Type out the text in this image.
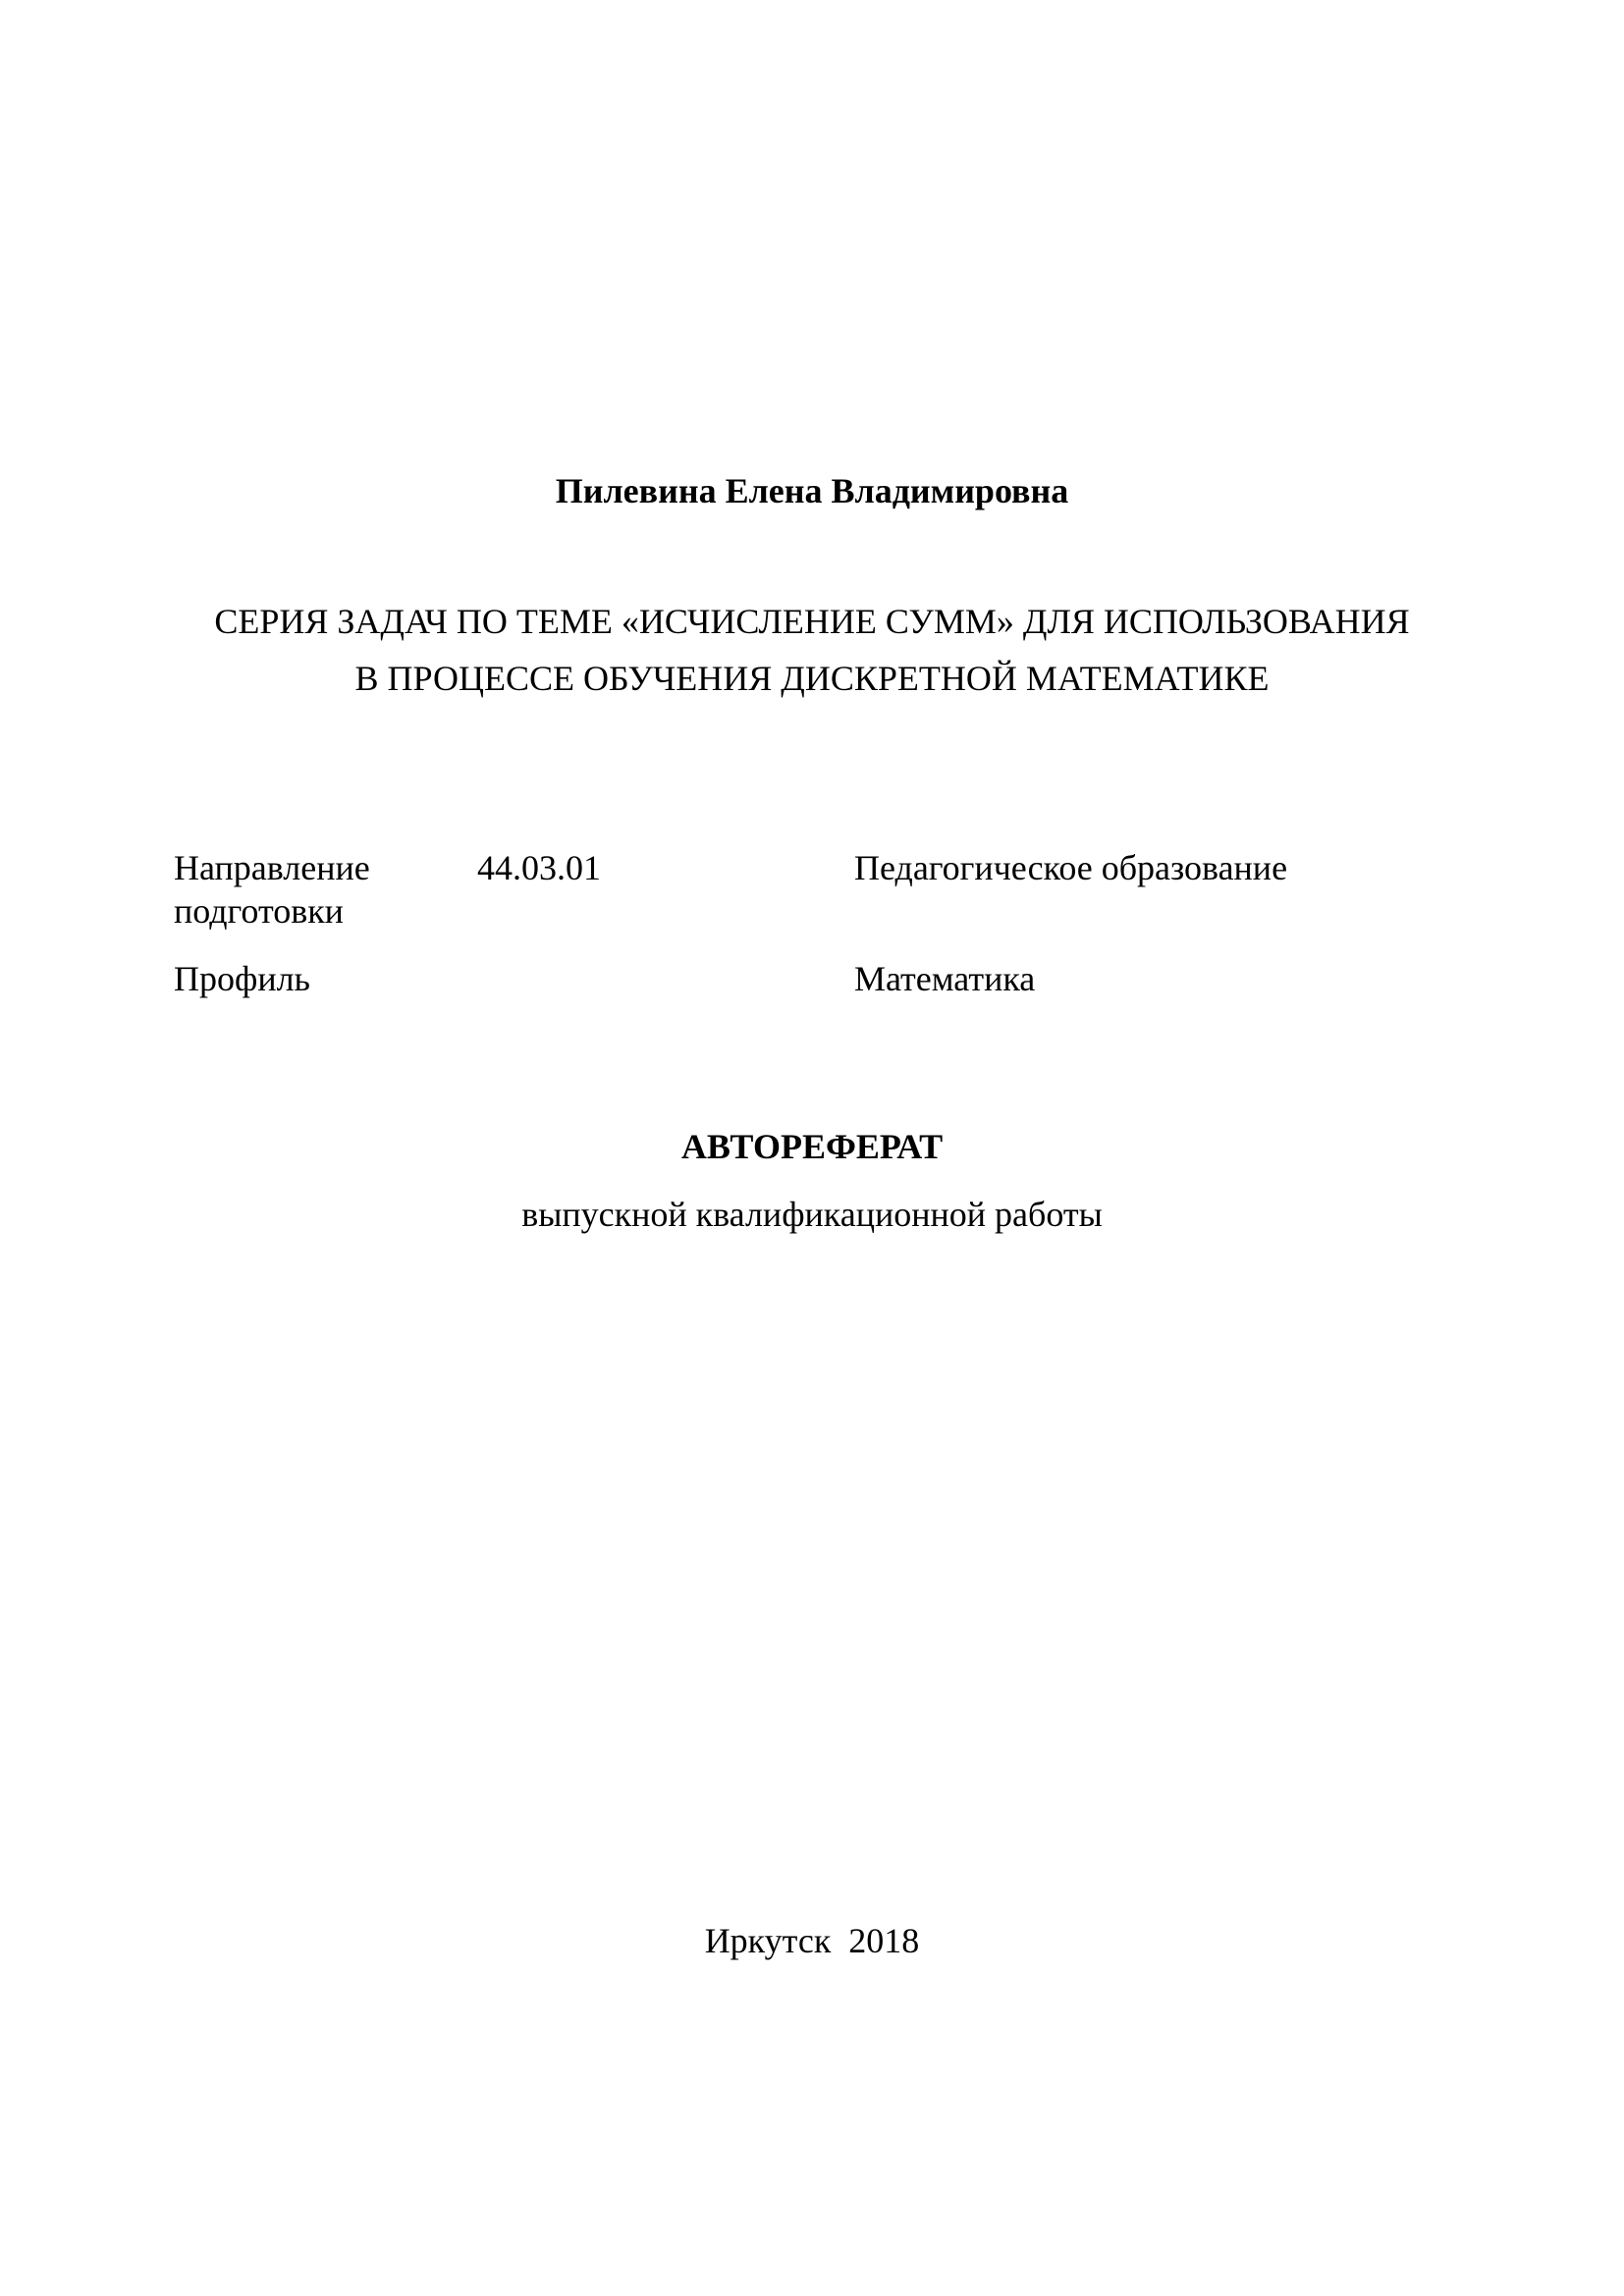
Пилевина Елена Владимировна
СЕРИЯ ЗАДАЧ ПО ТЕМЕ «ИСЧИСЛЕНИЕ СУММ» ДЛЯ ИСПОЛЬЗОВАНИЯ
В ПРОЦЕССЕ ОБУЧЕНИЯ ДИСКРЕТНОЙ МАТЕМАТИКЕ
Направление подготовки
44.03.01	Педагогическое образование
Профиль	Математика
АВТОРЕФЕРАТ
выпускной квалификационной работы
Иркутск  2018
